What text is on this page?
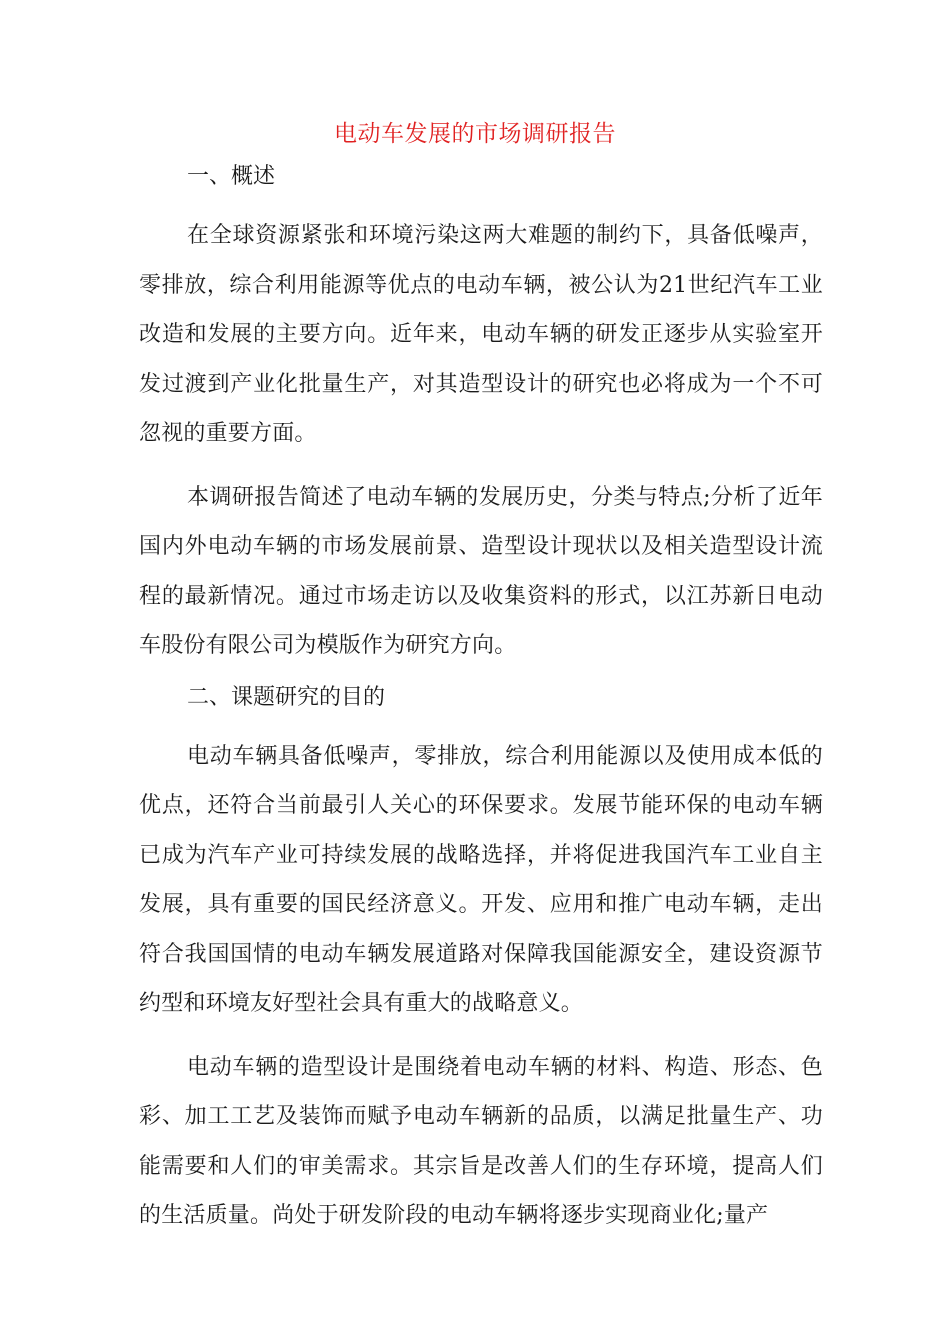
电动车发展的市场调研报告
一、概述

在全球资源紧张和环境污染这两大难题的制约下，具备低噪声，零排放，综合利用能源等优点的电动车辆，被公认为21世纪汽车工业改造和发展的主要方向。近年来，电动车辆的研发正逐步从实验室开发过渡到产业化批量生产，对其造型设计的研究也必将成为一个不可忽视的重要方面。

本调研报告简述了电动车辆的发展历史，分类与特点;分析了近年国内外电动车辆的市场发展前景、造型设计现状以及相关造型设计流程的最新情况。通过市场走访以及收集资料的形式，以江苏新日电动车股份有限公司为模版作为研究方向。

二、课题研究的目的

电动车辆具备低噪声，零排放，综合利用能源以及使用成本低的优点，还符合当前最引人关心的环保要求。发展节能环保的电动车辆已成为汽车产业可持续发展的战略选择，并将促进我国汽车工业自主发展，具有重要的国民经济意义。开发、应用和推广电动车辆，走出符合我国国情的电动车辆发展道路对保障我国能源安全，建设资源节约型和环境友好型社会具有重大的战略意义。

电动车辆的造型设计是围绕着电动车辆的材料、构造、形态、色彩、加工工艺及装饰而赋予电动车辆新的品质，以满足批量生产、功能需要和人们的审美需求。其宗旨是改善人们的生存环境，提高人们的生活质量。尚处于研发阶段的电动车辆将逐步实现商业化;量产
